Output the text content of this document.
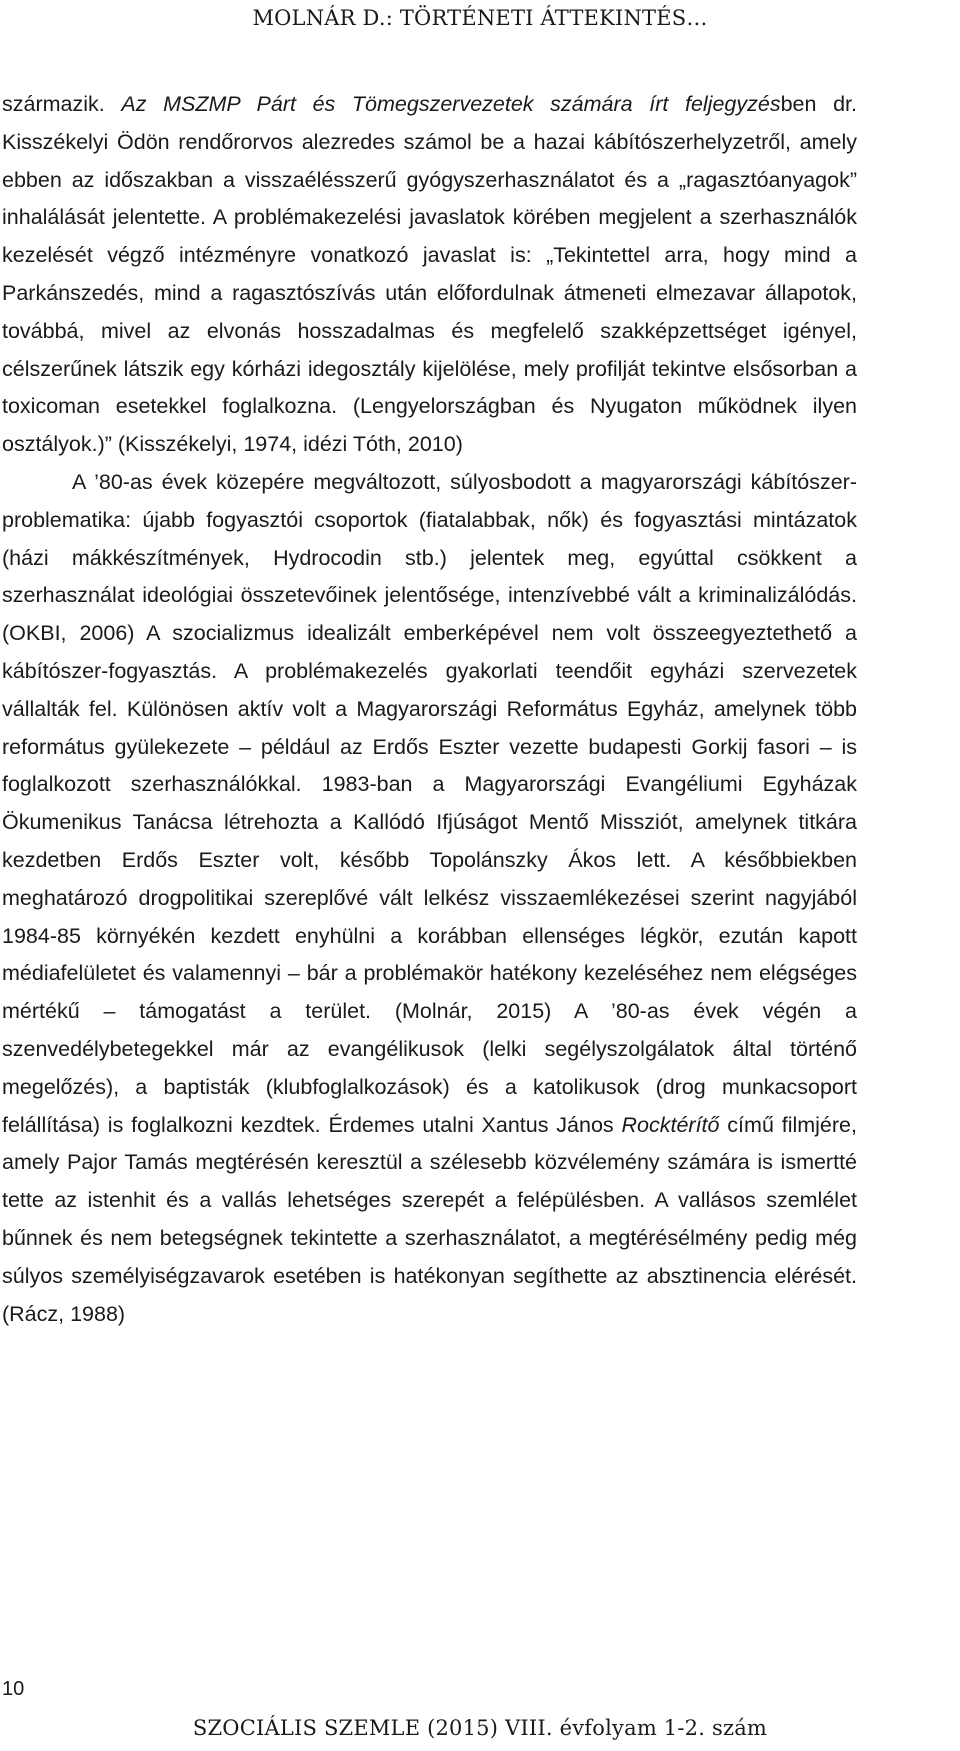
MOLNÁR D.: TÖRTÉNETI ÁTTEKINTÉS…

származik. Az MSZMP Párt és Tömegszervezetek számára írt feljegyzésben dr. Kisszékelyi Ödön rendőrorvos alezredes számol be a hazai kábítószerhelyzetről, amely ebben az időszakban a visszaélésszerű gyógyszerhasználatot és a „ragasztóanyagok” inhalálását jelentette. A problémakezelési javaslatok körében megjelent a szerhasználók kezelését végző intézményre vonatkozó javaslat is: „Tekintettel arra, hogy mind a Parkánszedés, mind a ragasztószívás után előfordulnak átmeneti elmezavar állapotok, továbbá, mivel az elvonás hosszadalmas és megfelelő szakképzettséget igényel, célszerűnek látszik egy kórházi idegosztály kijelölése, mely profilját tekintve elsősorban a toxicoman esetekkel foglalkozna. (Lengyelországban és Nyugaton működnek ilyen osztályok.)” (Kisszékelyi, 1974, idézi Tóth, 2010)

A ’80-as évek közepére megváltozott, súlyosbodott a magyarországi kábítószer-problematika: újabb fogyasztói csoportok (fiatalabbak, nők) és fogyasztási mintázatok (házi mákkészítmények, Hydrocodin stb.) jelentek meg, egyúttal csökkent a szerhasználat ideológiai összetevőinek jelentősége, intenzívebbé vált a kriminalizálódás. (OKBI, 2006) A szocializmus idealizált emberképével nem volt összeegyeztethető a kábítószer-fogyasztás. A problémakezelés gyakorlati teendőit egyházi szervezetek vállalták fel. Különösen aktív volt a Magyarországi Református Egyház, amelynek több református gyülekezete – például az Erdős Eszter vezette budapesti Gorkij fasori – is foglalkozott szerhasználókkal. 1983-ban a Magyarországi Evangéliumi Egyházak Ökumenikus Tanácsa létrehozta a Kallódó Ifjúságot Mentő Missziót, amelynek titkára kezdetben Erdős Eszter volt, később Topolánszky Ákos lett. A későbbiekben meghatározó drogpolitikai szereplővé vált lelkész visszaemlékezései szerint nagyjából 1984-85 környékén kezdett enyhülni a korábban ellenséges légkör, ezután kapott médiafelületet és valamennyi – bár a problémakör hatékony kezeléséhez nem elégséges mértékű – támogatást a terület. (Molnár, 2015) A ’80-as évek végén a szenvedélybetegekkel már az evangélikusok (lelki segélyszolgálatok által történő megelőzés), a baptisták (klubfoglalkozások) és a katolikusok (drog munkacsoport felállítása) is foglalkozni kezdtek. Érdemes utalni Xantus János Rocktérítő című filmjére, amely Pajor Tamás megtérésén keresztül a szélesebb közvélemény számára is ismertté tette az istenhit és a vallás lehetséges szerepét a felépülésben. A vallásos szemlélet bűnnek és nem betegségnek tekintette a szerhasználatot, a megtérésélmény pedig még súlyos személyiségzavarok esetében is hatékonyan segíthette az absztinencia elérését. (Rácz, 1988)

10
SZOCIÁLIS SZEMLE (2015) VIII. évfolyam 1-2. szám
